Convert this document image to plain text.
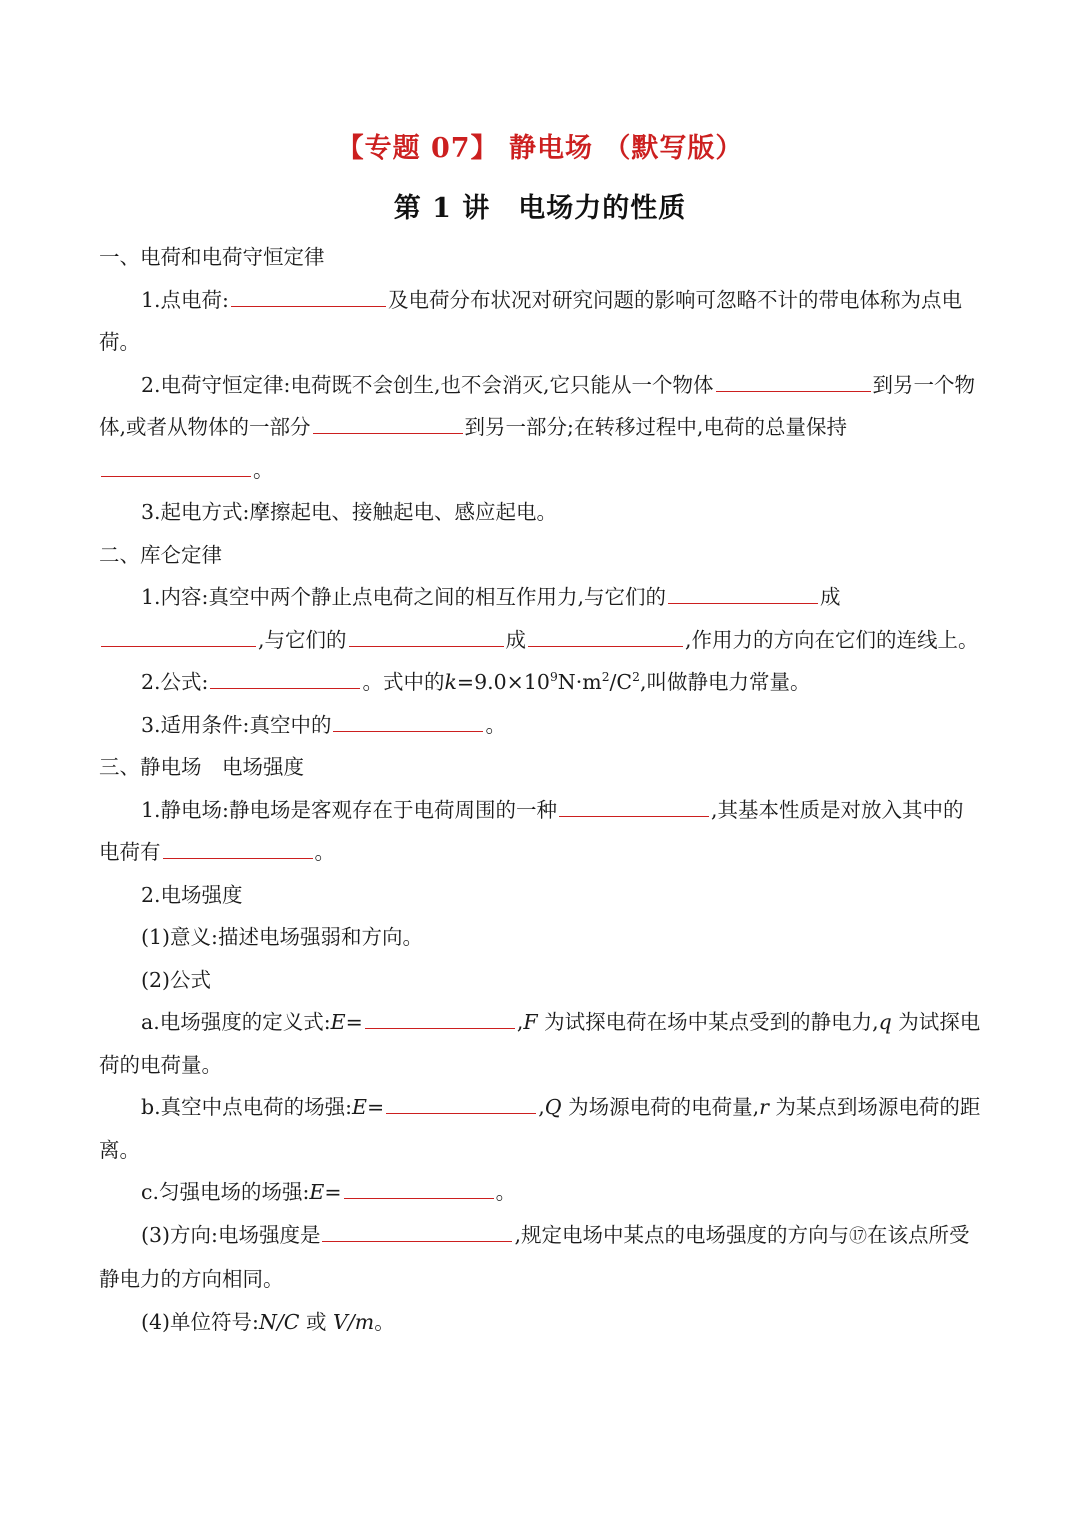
【专题 07】 静电场 （默写版）
第 1 讲　电场力的性质

一、电荷和电荷守恒定律

1.点电荷:	及电荷分布状况对研究问题的影响可忽略不计的带电体称为点电荷。

2.电荷守恒定律:电荷既不会创生,也不会消灭,它只能从一个物体	到另一个物体,或者从物体的一部分	到另一部分;在转移过程中,电荷的总量保持。

3.起电方式:摩擦起电、接触起电、感应起电。

二、库仑定律

1.内容:真空中两个静止点电荷之间的相互作用力,与它们的	成,与它们的	成	,作用力的方向在它们的连线上。

2.公式:	。式中的$k=9.0\times 10^9N\cdot m^2/C^2$,叫做静电力常量。

3.适用条件:真空中的	。

三、静电场　电场强度

1.静电场:静电场是客观存在于电荷周围的一种	,其基本性质是对放入其中的电荷有	。

2.电场强度

(1)意义:描述电场强弱和方向。

(2)公式

a.电场强度的定义式:E=	,F 为试探电荷在场中某点受到的静电力,q 为试探电荷的电荷量。

b.真空中点电荷的场强:E=	,Q 为场源电荷的电荷量,r 为某点到场源电荷的距离。

c.匀强电场的场强:E=	。

(3)方向:电场强度是	,规定电场中某点的电场强度的方向与⑰在该点所受静电力的方向相同。

(4)单位符号:N/C 或 V/m。
